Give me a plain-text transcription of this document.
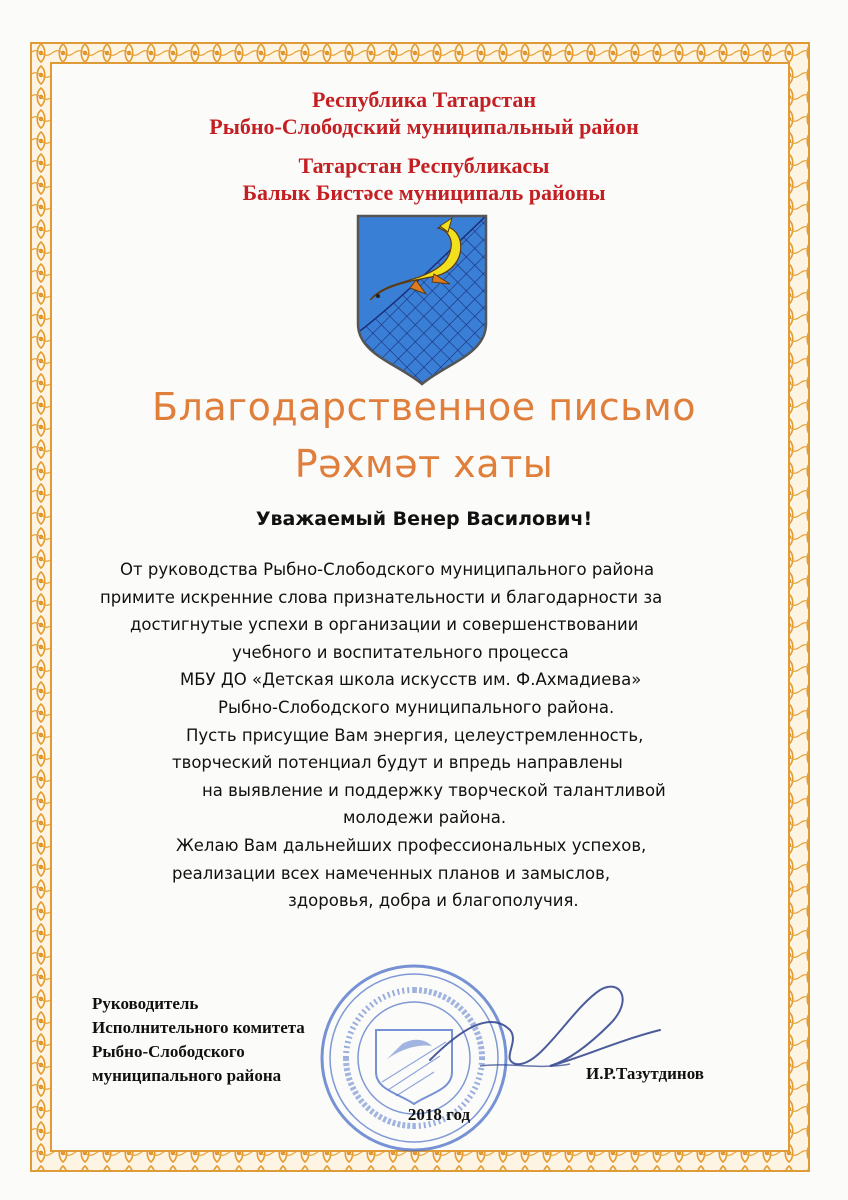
Республика Татарстан

Рыбно-Слободский муниципальный район

Татарстан Республикасы

Балык Бистәсе муниципаль районы

Благодарственное письмо
Рәхмәт хаты
Уважаемый Венер Василович!
От руководства Рыбно-Слободского муниципального района
примите искренние слова признательности и благодарности за
достигнутые успехи в организации и совершенствовании
учебного и воспитательного процесса
МБУ ДО «Детская школа искусств им. Ф.Ахмадиева»
Рыбно-Слободского муниципального района.
Пусть присущие Вам энергия, целеустремленность,
творческий потенциал будут и впредь направлены
на выявление и поддержку творческой талантливой
молодежи района.
Желаю Вам дальнейших профессиональных успехов,
реализации всех намеченных планов и замыслов,
здоровья, добра и благополучия.
Руководитель
Исполнительного комитета
Рыбно-Слободского
муниципального района	И.Р.Тазутдинов
2018 год
